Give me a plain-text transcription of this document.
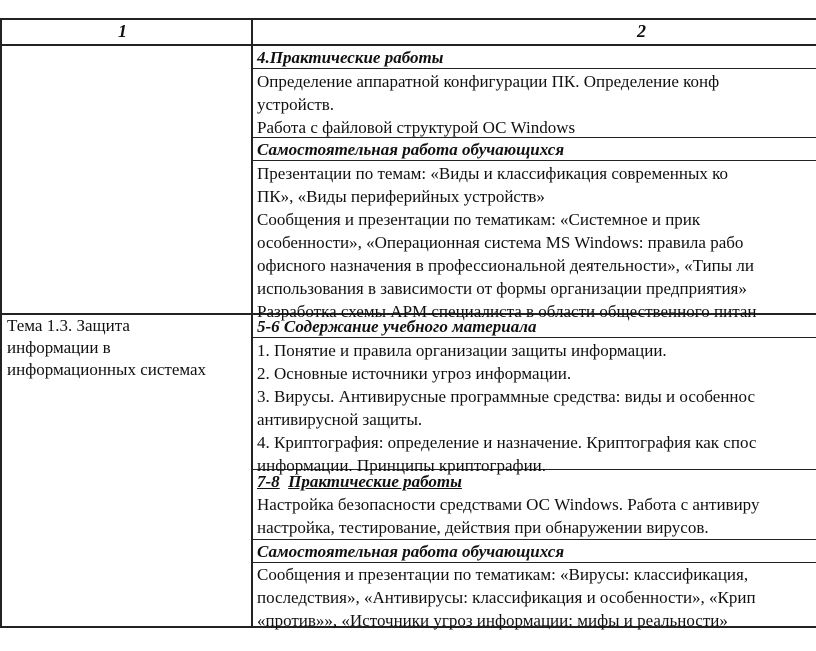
1	2
4.Практические работы
Определение аппаратной конфигурации ПК. Определение конф
устройств.
Работа с файловой структурой ОС Windows
Самостоятельная работа обучающихся
Презентации по темам: «Виды и классификация современных ко
ПК», «Виды периферийных устройств»
Сообщения и презентации по тематикам: «Системное и прик
особенности», «Операционная система MS Windows: правила рабо
офисного назначения в профессиональной деятельности», «Типы ли
использования в зависимости от формы организации предприятия»
Разработка схемы АРМ специалиста в области общественного питан
Тема 1.3. Защита
информации в
информационных системах
5-6 Содержание учебного материала
1. Понятие и правила организации защиты информации.
2. Основные источники угроз информации.
3. Вирусы. Антивирусные программные средства: виды и особеннос
антивирусной защиты.
4. Криптография: определение и назначение. Криптография как спос
информации. Принципы криптографии.
7-8 Практические работы
Настройка безопасности средствами ОС Windows. Работа с антивиру
настройка, тестирование, действия при обнаружении вирусов.
Самостоятельная работа обучающихся
Сообщения и презентации по тематикам: «Вирусы: классификация,
последствия», «Антивирусы: классификация и особенности», «Крип
«против»», «Источники угроз информации: мифы и реальности»
